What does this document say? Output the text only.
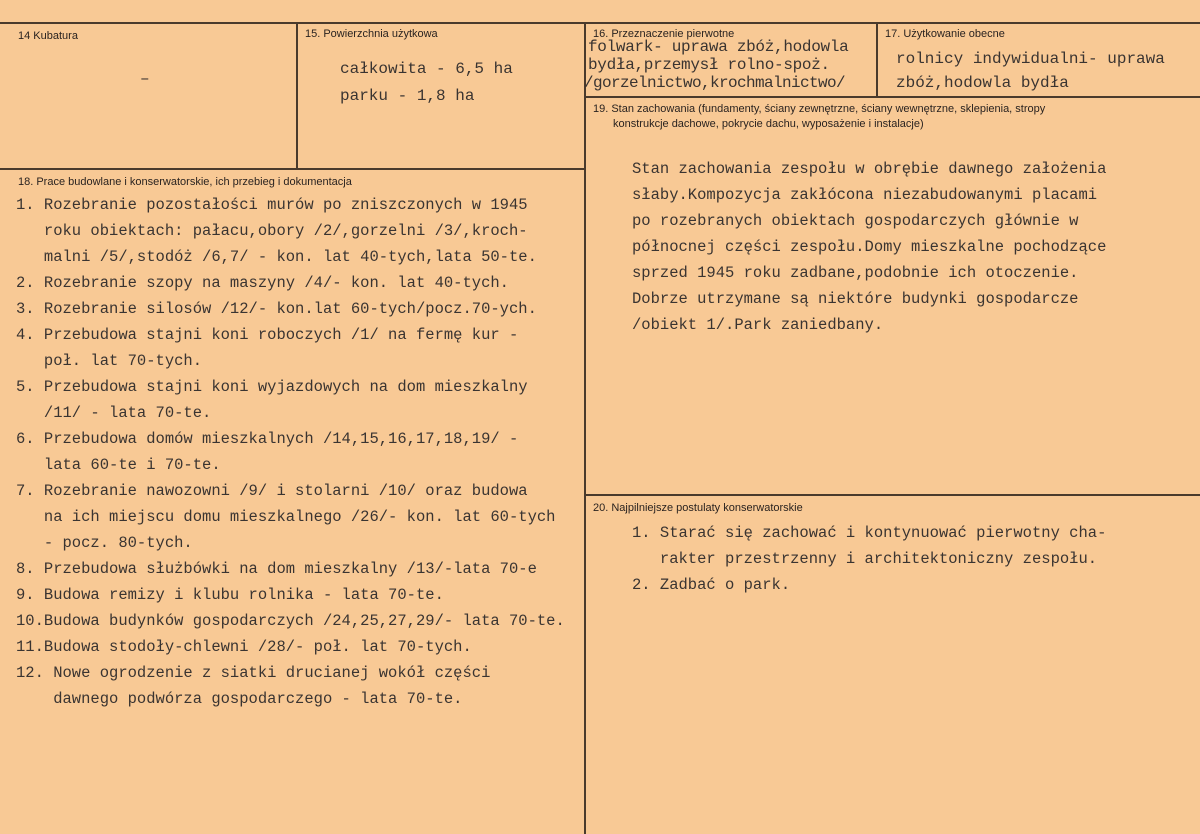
14 Kubatura
–
15. Powierzchnia użytkowa
całkowita - 6,5 ha
parku - 1,8 ha
16. Przeznaczenie pierwotne
folwark- uprawa zbóż,hodowla
bydła,przemysł rolno-spoż.
/gorzelnictwo,krochmalnictwo/
17. Użytkowanie obecne
rolnicy indywidualni- uprawa
zbóż,hodowla bydła
19. Stan zachowania (fundamenty, ściany zewnętrzne, ściany wewnętrzne, sklepienia, stropy
konstrukcje dachowe, pokrycie dachu, wyposażenie i instalacje)
Stan zachowania zespołu w obrębie dawnego założenia
słaby.Kompozycja zakłócona niezabudowanymi placami
po rozebranych obiektach gospodarczych głównie w
północnej części zespołu.Domy mieszkalne pochodzące
sprzed 1945 roku zadbane,podobnie ich otoczenie.
Dobrze utrzymane są niektóre budynki gospodarcze
/obiekt 1/.Park zaniedbany.
18. Prace budowlane i konserwatorskie, ich przebieg i dokumentacja
1. Rozebranie pozostałości murów po zniszczonych w 1945
roku obiektach: pałacu,obory /2/,gorzelni /3/,kroch-
malni /5/,stodóż /6,7/ - kon. lat 40-tych,lata 50-te.
2. Rozebranie szopy na maszyny /4/- kon. lat 40-tych.
3. Rozebranie silosów /12/- kon.lat 60-tych/pocz.70-ych.
4. Przebudowa stajni koni roboczych /1/ na fermę kur -
poł. lat 70-tych.
5. Przebudowa stajni koni wyjazdowych na dom mieszkalny
/11/ - lata 70-te.
6. Przebudowa domów mieszkalnych /14,15,16,17,18,19/ -
lata 60-te i 70-te.
7. Rozebranie nawozowni /9/ i stolarni /10/ oraz budowa
na ich miejscu domu mieszkalnego /26/- kon. lat 60-tych
- pocz. 80-tych.
8. Przebudowa służbówki na dom mieszkalny /13/-lata 70-e
9. Budowa remizy i klubu rolnika - lata 70-te.
10.Budowa budynków gospodarczych /24,25,27,29/- lata 70-te.
11.Budowa stodoły-chlewni /28/- poł. lat 70-tych.
12. Nowe ogrodzenie z siatki drucianej wokół części
dawnego podwórza gospodarczego - lata 70-te.
20. Najpilniejsze postulaty konserwatorskie
1. Starać się zachować i kontynuować pierwotny cha-
rakter przestrzenny i architektoniczny zespołu.
2. Zadbać o park.
